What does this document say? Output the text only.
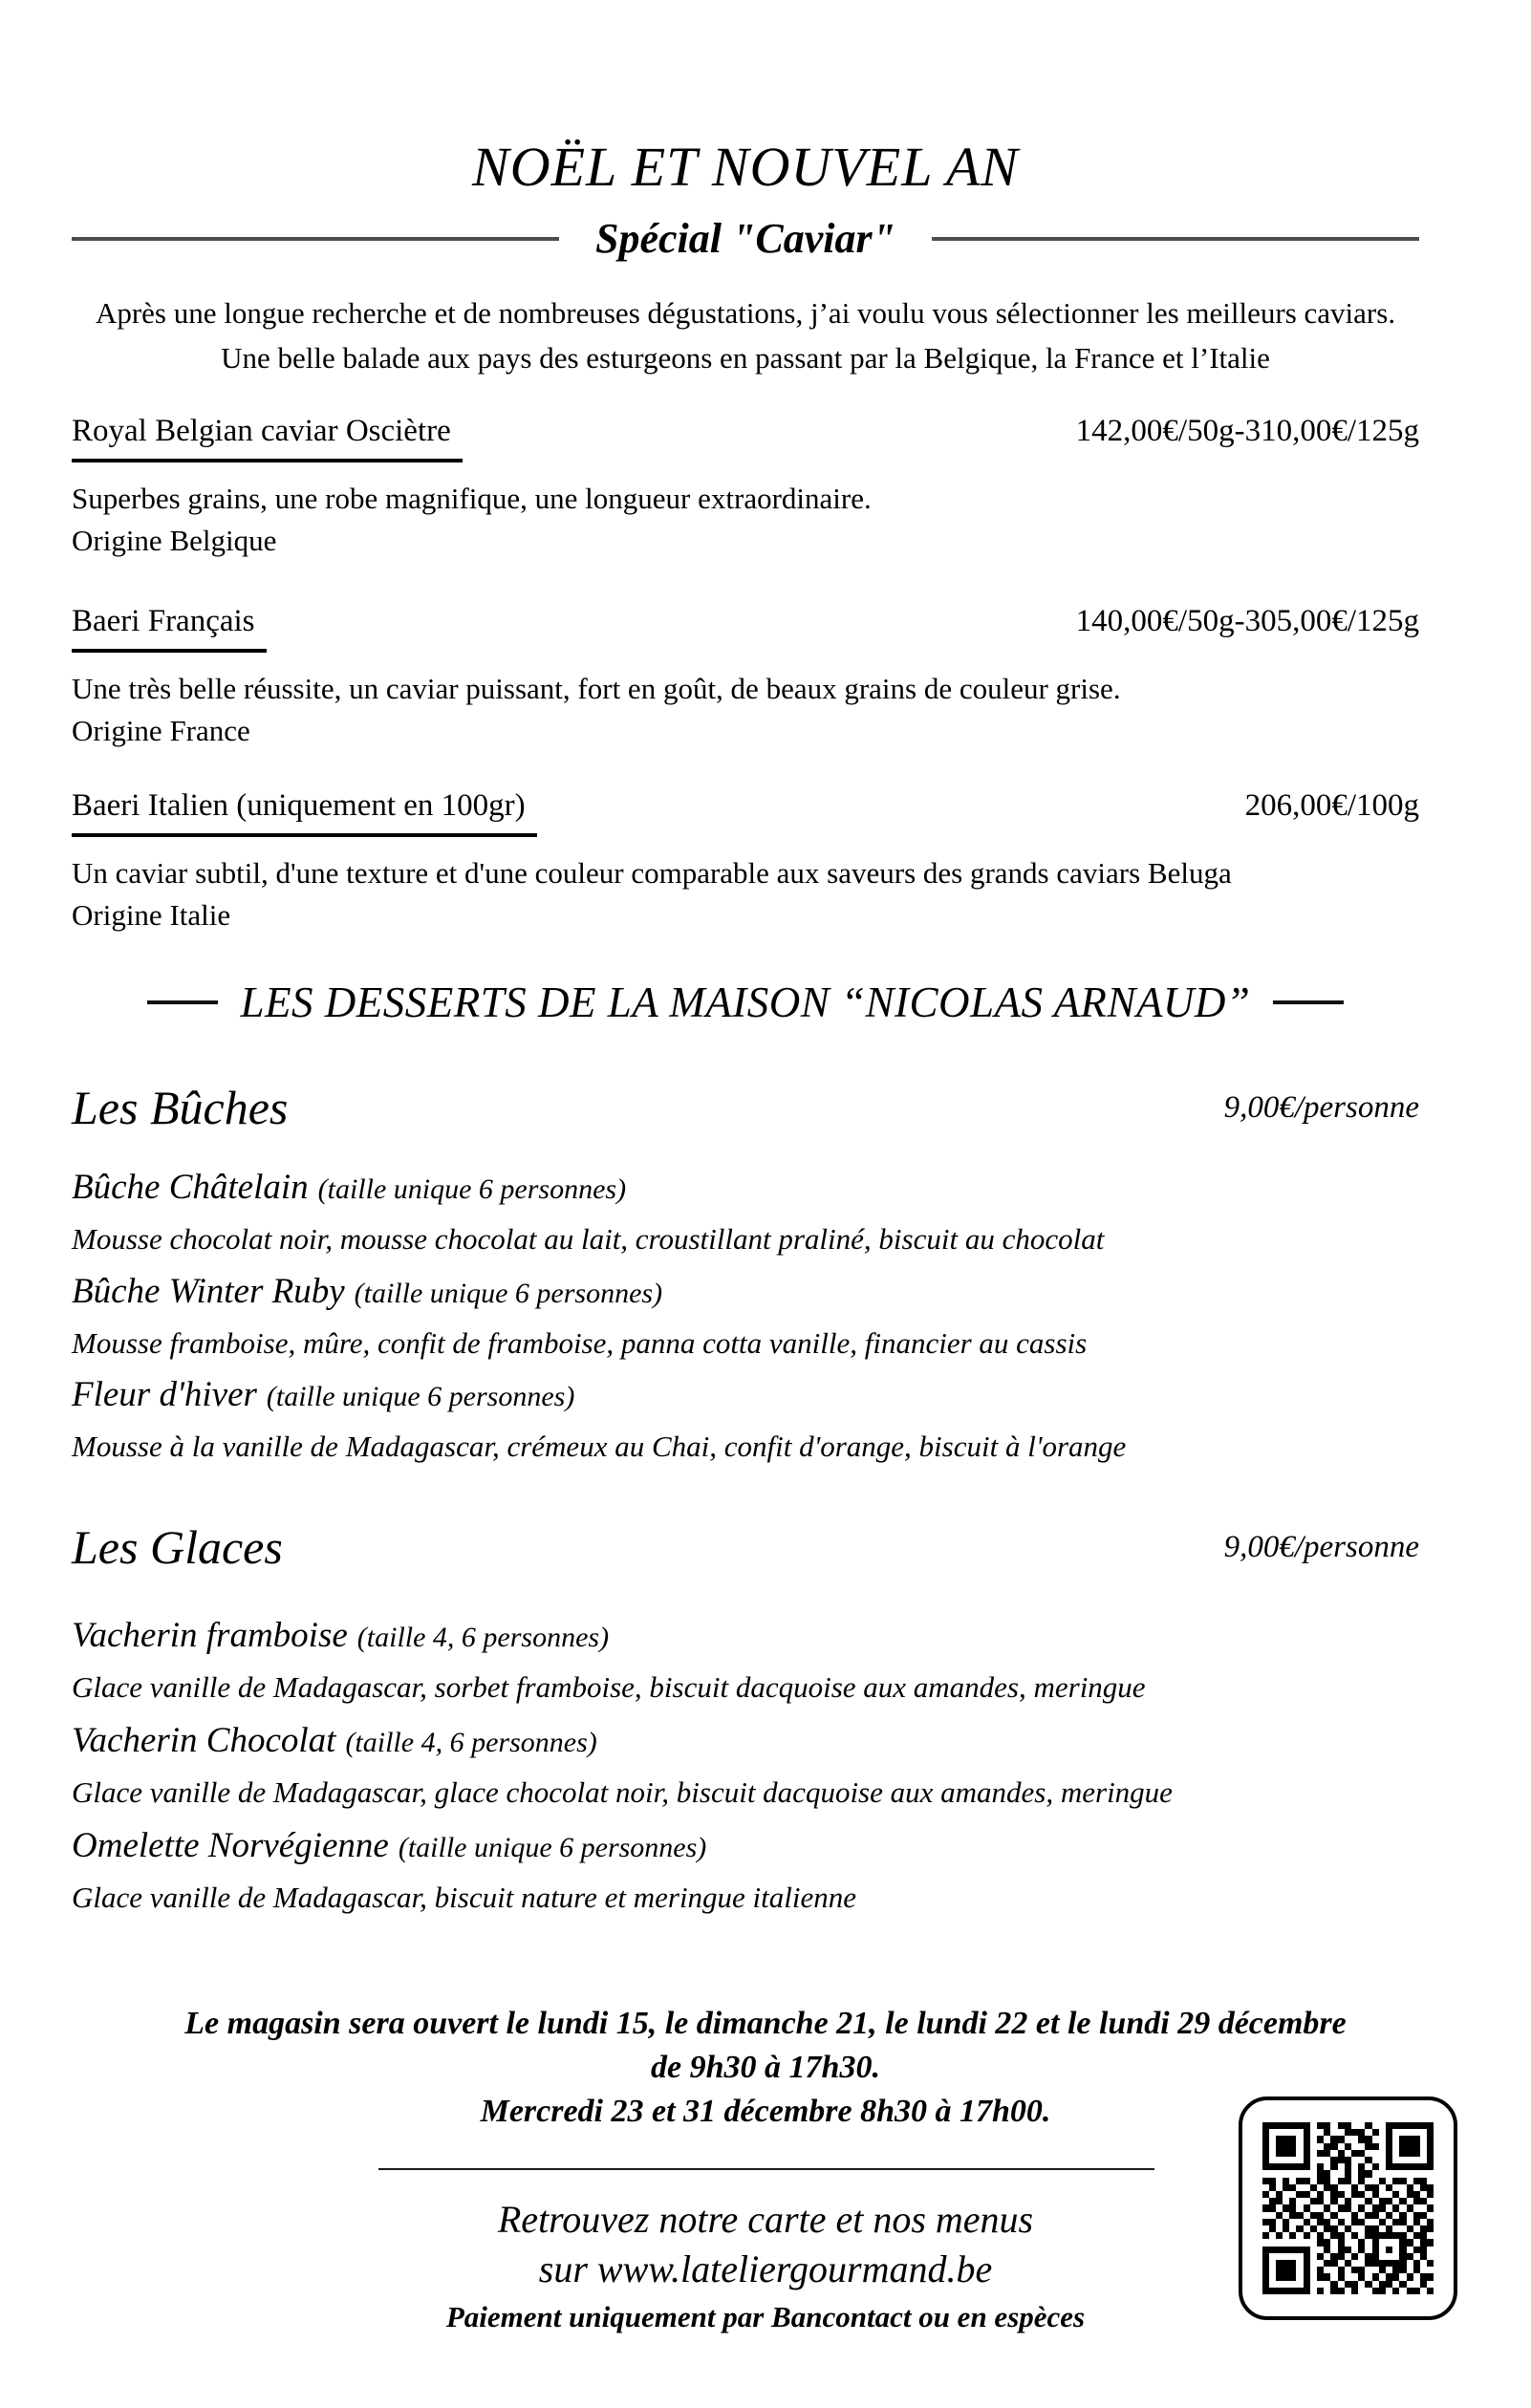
NOËL ET NOUVEL AN
Spécial "Caviar"
Après une longue recherche et de nombreuses dégustations, j’ai voulu vous sélectionner les meilleurs caviars.
Une belle balade aux pays des esturgeons en passant par la Belgique, la France et l’Italie
Royal Belgian caviar Osciètre	142,00€/50g-310,00€/125g
Superbes grains, une robe magnifique, une longueur extraordinaire.
Origine Belgique
Baeri Français	140,00€/50g-305,00€/125g
Une très belle réussite, un caviar puissant, fort en goût, de beaux grains de couleur grise.
Origine France
Baeri Italien (uniquement en 100gr)	206,00€/100g
Un caviar subtil, d'une texture et d'une couleur comparable aux saveurs des grands caviars Beluga
Origine Italie
LES DESSERTS DE LA MAISON “NICOLAS ARNAUD”
Les Bûches	9,00€/personne
Bûche Châtelain (taille unique 6 personnes)
Mousse chocolat noir, mousse chocolat au lait, croustillant praliné, biscuit au chocolat
Bûche Winter Ruby (taille unique 6 personnes)
Mousse framboise, mûre, confit de framboise, panna cotta vanille, financier au cassis
Fleur d'hiver (taille unique 6 personnes)
Mousse à la vanille de Madagascar, crémeux au Chai, confit d'orange, biscuit à l'orange
Les Glaces	9,00€/personne
Vacherin framboise (taille 4, 6 personnes)
Glace vanille de Madagascar, sorbet framboise, biscuit dacquoise aux amandes, meringue
Vacherin Chocolat (taille 4, 6 personnes)
Glace vanille de Madagascar, glace chocolat noir, biscuit dacquoise aux amandes, meringue
Omelette Norvégienne (taille unique 6 personnes)
Glace vanille de Madagascar, biscuit nature et meringue italienne
Le magasin sera ouvert le lundi 15, le dimanche 21, le lundi 22 et le lundi 29 décembre
de 9h30 à 17h30.
Mercredi 23 et 31 décembre 8h30 à 17h00.
Retrouvez notre carte et nos menus
sur www.lateliergourmand.be
Paiement uniquement par Bancontact ou en espèces
